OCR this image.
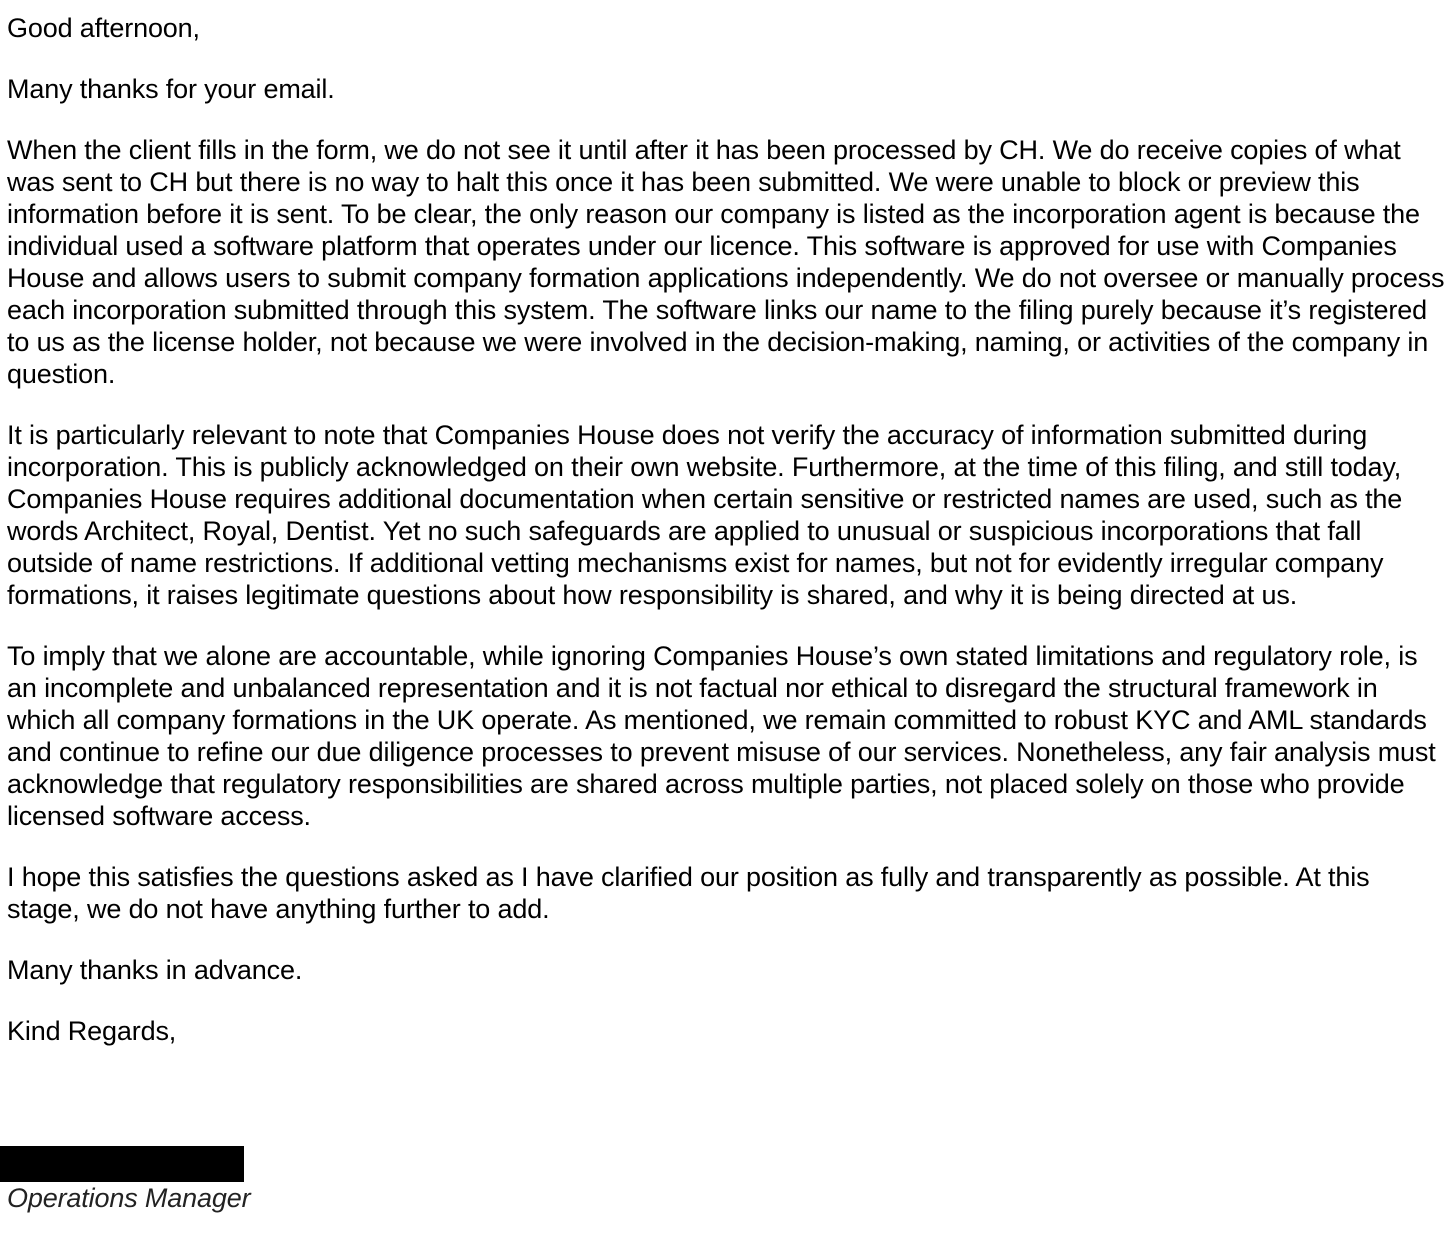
Good afternoon,

Many thanks for your email.

When the client fills in the form, we do not see it until after it has been processed by CH. We do receive copies of what was sent to CH but there is no way to halt this once it has been submitted. We were unable to block or preview this information before it is sent. To be clear, the only reason our company is listed as the incorporation agent is because the individual used a software platform that operates under our licence. This software is approved for use with Companies House and allows users to submit company formation applications independently. We do not oversee or manually process each incorporation submitted through this system. The software links our name to the filing purely because it’s registered to us as the license holder, not because we were involved in the decision-making, naming, or activities of the company in question.

It is particularly relevant to note that Companies House does not verify the accuracy of information submitted during incorporation. This is publicly acknowledged on their own website. Furthermore, at the time of this filing, and still today, Companies House requires additional documentation when certain sensitive or restricted names are used, such as the words Architect, Royal, Dentist. Yet no such safeguards are applied to unusual or suspicious incorporations that fall outside of name restrictions. If additional vetting mechanisms exist for names, but not for evidently irregular company formations, it raises legitimate questions about how responsibility is shared, and why it is being directed at us.

To imply that we alone are accountable, while ignoring Companies House’s own stated limitations and regulatory role, is an incomplete and unbalanced representation and it is not factual nor ethical to disregard the structural framework in which all company formations in the UK operate. As mentioned, we remain committed to robust KYC and AML standards and continue to refine our due diligence processes to prevent misuse of our services. Nonetheless, any fair analysis must acknowledge that regulatory responsibilities are shared across multiple parties, not placed solely on those who provide licensed software access.

I hope this satisfies the questions asked as I have clarified our position as fully and transparently as possible. At this stage, we do not have anything further to add.

Many thanks in advance.

Kind Regards,

Operations Manager
